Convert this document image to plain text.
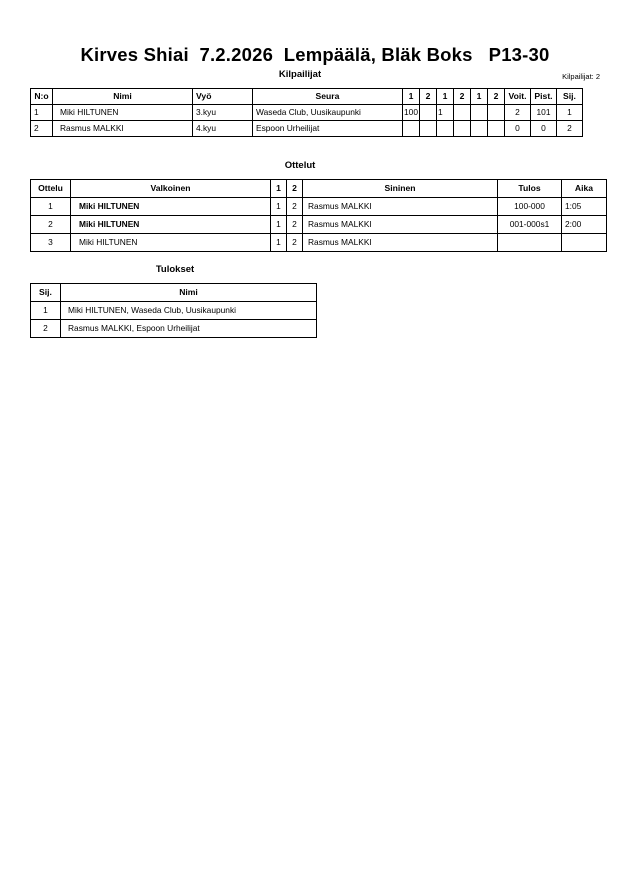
Kirves Shiai  7.2.2026  Lempäälä, Bläk Boks   P13-30
Kilpailijat	Kilpailijat: 2
N:o	Nimi	Vyö	Seura	1	2	1	2	1	2	Voit.	Pist.	Sij.
1	Miki HILTUNEN	3.kyu	Waseda Club, Uusikaupunki	100		1				2	101	1
2	Rasmus MALKKI	4.kyu	Espoon Urheilijat							0	0	2
Ottelut
Ottelu	Valkoinen	1	2	Sininen	Tulos	Aika
1	Miki HILTUNEN	1	2	Rasmus MALKKI	100-000	1:05
2	Miki HILTUNEN	1	2	Rasmus MALKKI	001-000s1	2:00
3	Miki HILTUNEN	1	2	Rasmus MALKKI		
Tulokset
Sij.	Nimi
1	Miki HILTUNEN, Waseda Club, Uusikaupunki
2	Rasmus MALKKI, Espoon Urheilijat
